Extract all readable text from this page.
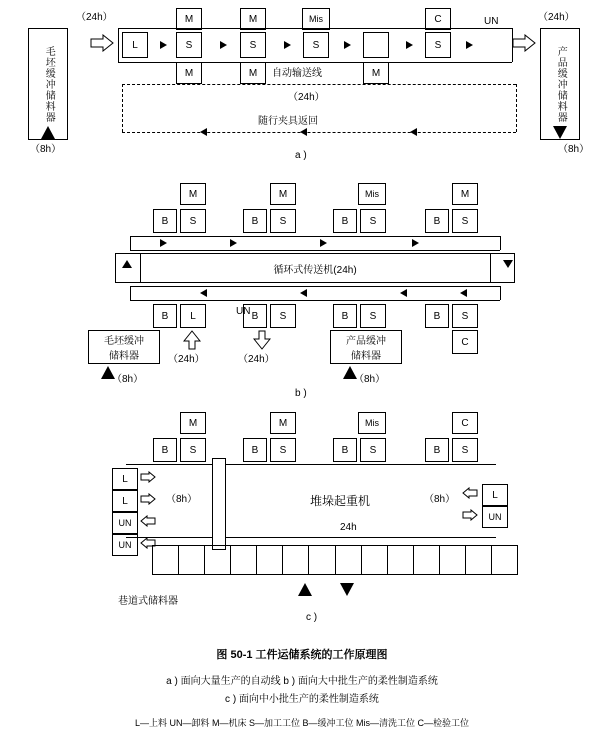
毛坯缓冲储料器	产品缓冲储料器
（24h）	（24h）
（8h）	（8h）
L
UN
M
S
M
M
S
M
Mis
S
M
C
S
自动输送线
（24h）
随行夹具返回
a )
M	M	Mis	M
B S	B S	B S	B S
循环式传送机(24h)
B L	B S	B S	B S
C
UN
毛坯缓冲
储料器
产品缓冲
储料器
（24h）	（24h）
（8h）	（8h）
b )
M	M	Mis	C
B S	B S	B S	B S
堆垛起重机
24h
L
L
UN
UN
L
UN
（8h）	（8h）
巷道式储料器
c )
图 50-1 工件运储系统的工作原理图
a ) 面向大量生产的自动线 b ) 面向大中批生产的柔性制造系统
c ) 面向中小批生产的柔性制造系统
L—上料 UN—卸料 M—机床 S—加工工位 B—缓冲工位 Mis—清洗工位 C—检验工位
